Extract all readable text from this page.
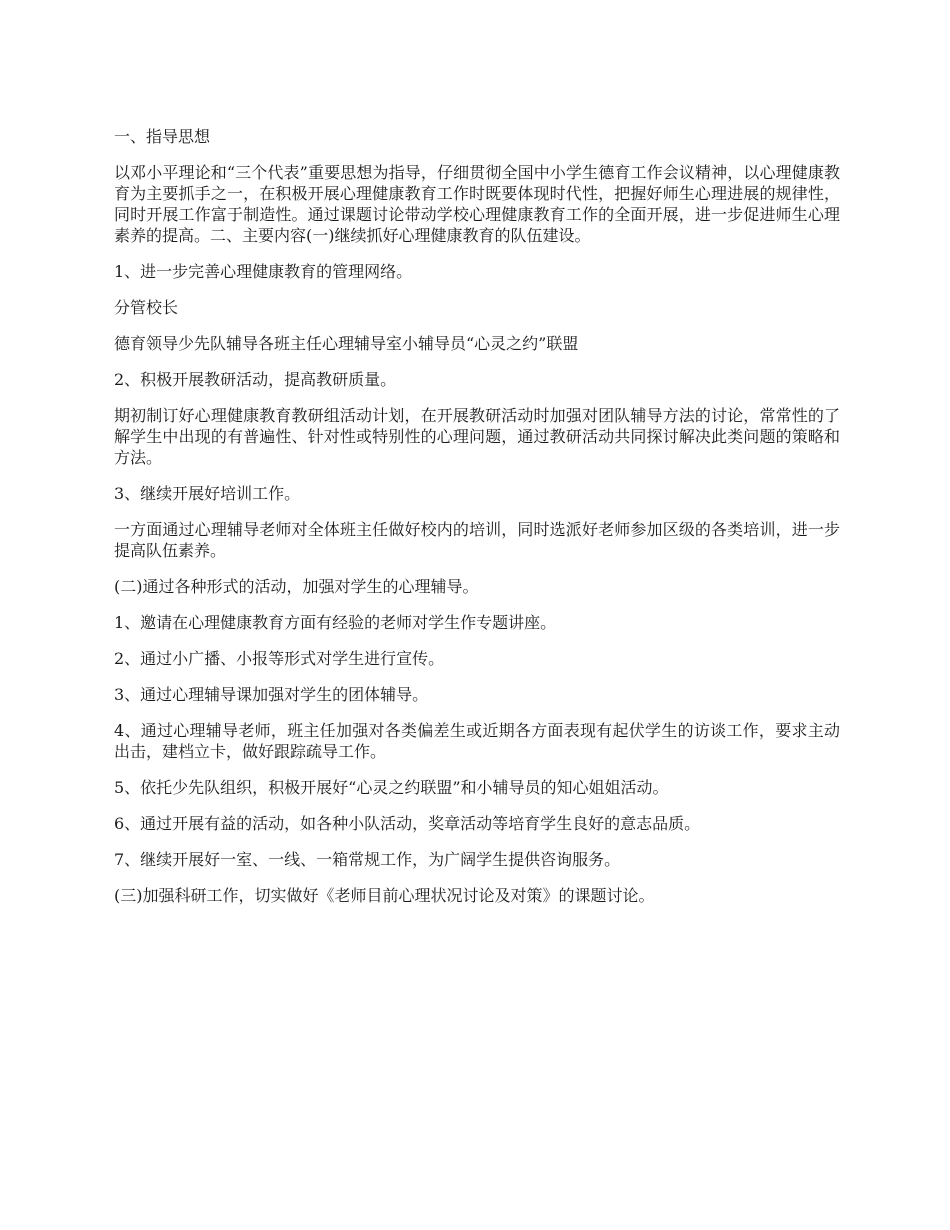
一、指导思想

以邓小平理论和“三个代表”重要思想为指导，仔细贯彻全国中小学生德育工作会议精神，以心理健康教育为主要抓手之一，在积极开展心理健康教育工作时既要体现时代性，把握好师生心理进展的规律性，同时开展工作富于制造性。通过课题讨论带动学校心理健康教育工作的全面开展，进一步促进师生心理素养的提高。二、主要内容(一)继续抓好心理健康教育的队伍建设。

1、进一步完善心理健康教育的管理网络。

分管校长

德育领导少先队辅导各班主任心理辅导室小辅导员“心灵之约”联盟

2、积极开展教研活动，提高教研质量。

期初制订好心理健康教育教研组活动计划，在开展教研活动时加强对团队辅导方法的讨论，常常性的了解学生中出现的有普遍性、针对性或特别性的心理问题，通过教研活动共同探讨解决此类问题的策略和方法。

3、继续开展好培训工作。

一方面通过心理辅导老师对全体班主任做好校内的培训，同时选派好老师参加区级的各类培训，进一步提高队伍素养。

(二)通过各种形式的活动，加强对学生的心理辅导。

1、邀请在心理健康教育方面有经验的老师对学生作专题讲座。

2、通过小广播、小报等形式对学生进行宣传。

3、通过心理辅导课加强对学生的团体辅导。

4、通过心理辅导老师，班主任加强对各类偏差生或近期各方面表现有起伏学生的访谈工作，要求主动出击，建档立卡，做好跟踪疏导工作。

5、依托少先队组织，积极开展好“心灵之约联盟”和小辅导员的知心姐姐活动。

6、通过开展有益的活动，如各种小队活动，奖章活动等培育学生良好的意志品质。

7、继续开展好一室、一线、一箱常规工作，为广阔学生提供咨询服务。

(三)加强科研工作，切实做好《老师目前心理状况讨论及对策》的课题讨论。
